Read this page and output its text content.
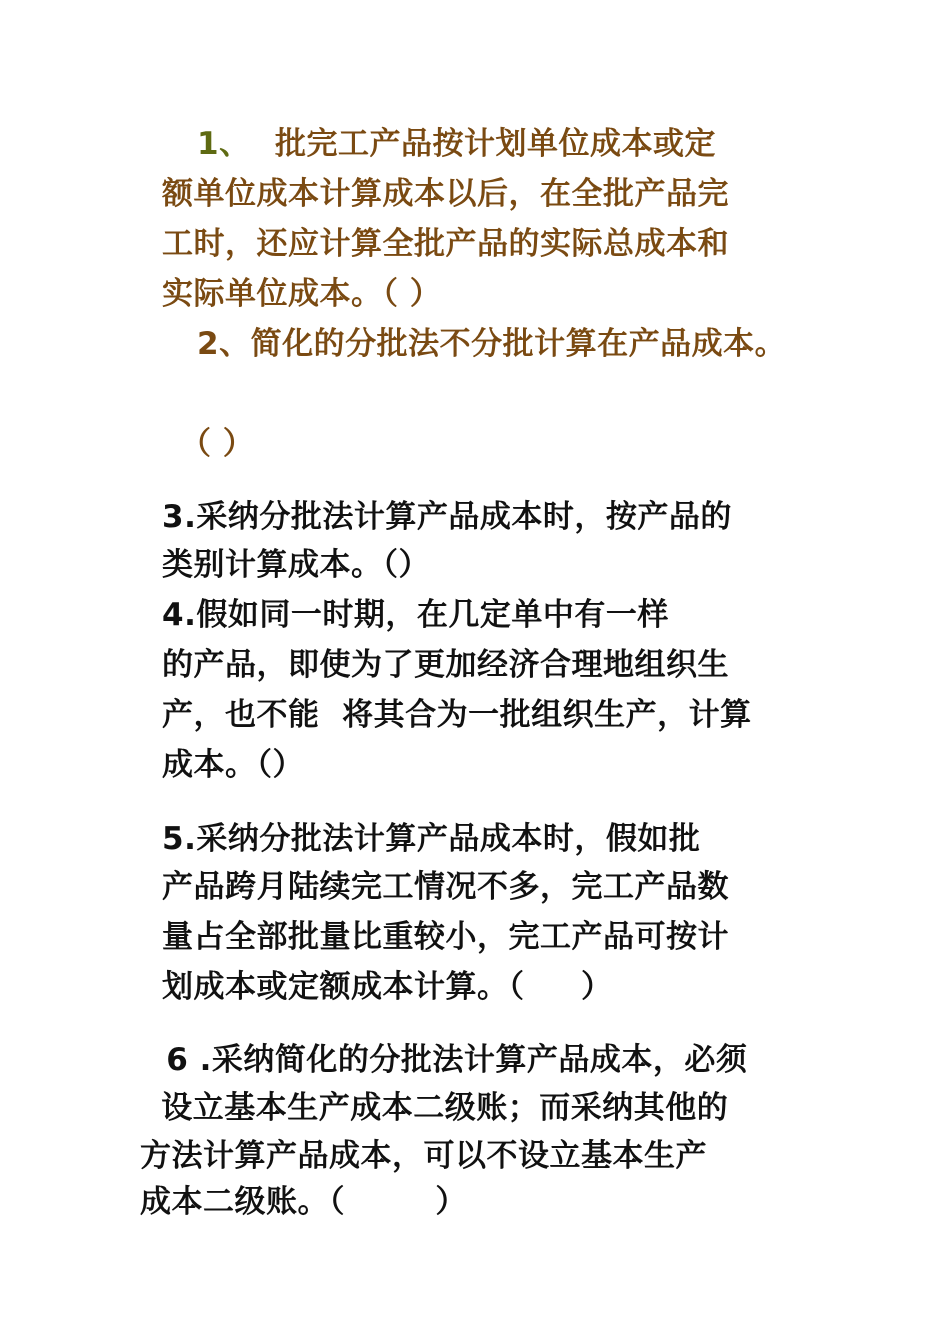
1、 批完工产品按计划单位成本或定
额单位成本计算成本以后，在全批产品完
工时，还应计算全批产品的实际总成本和
实际单位成本。（ ）
2、简化的分批法不分批计算在产品成本。
（ ）
3.采纳分批法计算产品成本时，按产品的
类别计算成本。（）
4.假如同一时期，在几定单中有一样
的产品，即使为了更加经济合理地组织生
产，也不能  将其合为一批组织生产，计算
成本。（）
5.采纳分批法计算产品成本时，假如批
产品跨月陆续完工情况不多，完工产品数
量占全部批量比重较小，完工产品可按计
划成本或定额成本计算。（     ）
6 .采纳简化的分批法计算产品成本，必须
设立基本生产成本二级账；而采纳其他的
方法计算产品成本，可以不设立基本生产
成本二级账。（        ）
